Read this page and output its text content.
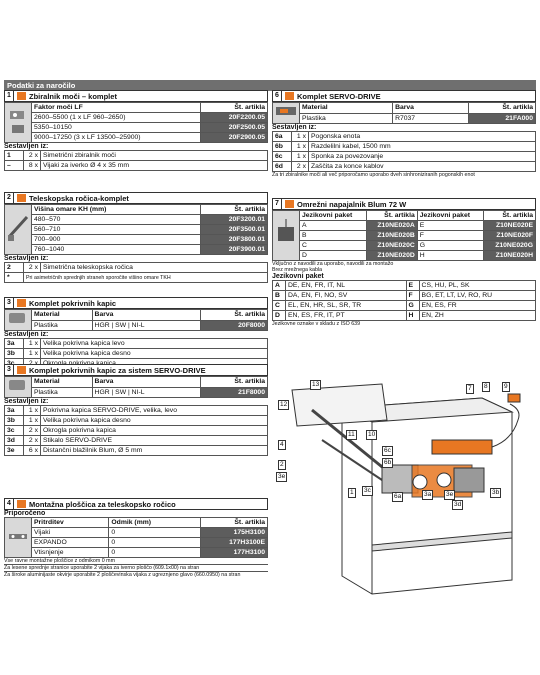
Podatki za naročilo
1	Zbiralnik moči – komplet
	Faktor moči LF	Št. artikla
	2600–5500 (1 x LF 960–2650)	20F2200.05
	5350–10150	20F2500.05
	9000–17250 (3 x LF 13500–25900)	20F2900.05
Sestavljen iz:
1	2 x	Simetrični zbiralnik moči
–	8 x	Vijaki za iverko Ø 4 x 35 mm
2	Teleskopska ročica-komplet
	Višina omare KH (mm)	Št. artikla
	480–570	20F3200.01
	560–710	20F3500.01
	700–900	20F3800.01
	760–1040	20F3900.01
Sestavljen iz:
2	2 x	Simetrična teleskopska ročica
*	Pri asimetričnih sprednjih straneh sporočite višino omare TKH	
3	Komplet pokrivnih kapic
	Material	Barva	Št. artikla
	Plastika	HGR | SW | NI-L	20F8000
Sestavljen iz:
3a	1 x	Velika pokrivna kapica levo
3b	1 x	Velika pokrivna kapica desno

3	Komplet pokrivnih kapic za sistem SERVO-DRIVE
	Material	Barva	Št. artikla
	Plastika	HGR | SW | NI-L	21F8000
Sestavljen iz:
3a	1 x	Pokrivna kapica SERVO-DRIVE, velika, levo
3b	1 x	Velika pokrivna kapica desno
3c	2 x	Okrogla pokrivna kapica
3d	2 x	Stikalo SERVO-DRIVE
3e	6 x	Distančni blažilnik Blum, Ø 5 mm
4	Montažna ploščica za teleskopsko ročico
Priporočeno
	Pritrditev	Odmik (mm)	Št. artikla
	Vijaki	0	175H3100
	EXPANDO	0	177H3100E
	Vtisnjenje	0	177H3100
Vse ravne montažne ploščice z odmikom 0 mm
Za lesene sprednje stranice uporabite 2 vijaka za iverno ploščo (609.1x00) na stran
Za široke aluminijaste okvirje uporabite 2 ploščevinska vijaka z ugreznjeno glavo (660.0950) na stran
6	Komplet SERVO-DRIVE
	Material	Barva	Št. artikla
	Plastika	R7037	21FA000
Sestavljen iz:
6a	1 x	Pogonska enota
6b	1 x	Razdelilni kabel, 1500 mm
6c	1 x	Sponka za povezovanje
6d	2 x	Zaščita za konce kablov
Za tri zbiralnike moči ali več priporočamo uporabo dveh sinhroniziranih pogonskih enot
7	Omrežni napajalnik Blum 72 W
	Jezikovni paket	Št. artikla	Jezikovni paket	Št. artikla
	A	Z10NE020A	E	Z10NE020E
	B	Z10NE020B	F	Z10NE020F
	C	Z10NE020C	G	Z10NE020G
	D	Z10NE020D	H	Z10NE020H
Vključno z navodili za uporabo, navodili za montažo
Brez mrežnega kabla
Jezikovni paket
A	DE, EN, FR, IT, NL	E	CS, HU, PL, SK
B	DA, EN, FI, NO, SV	F	BG, ET, LT, LV, RO, RU
C	EL, EN, HR, SL, SR, TR	G	EN, ES, FR
D	EN, ES, FR, IT, PT	H	EN, ZH
Jezikovne oznake v skladu z ISO 639
13
12
4
2
3e
11	10
6c
6b
8
7	9
6a
1	3c
3a	3b
3d
3e
